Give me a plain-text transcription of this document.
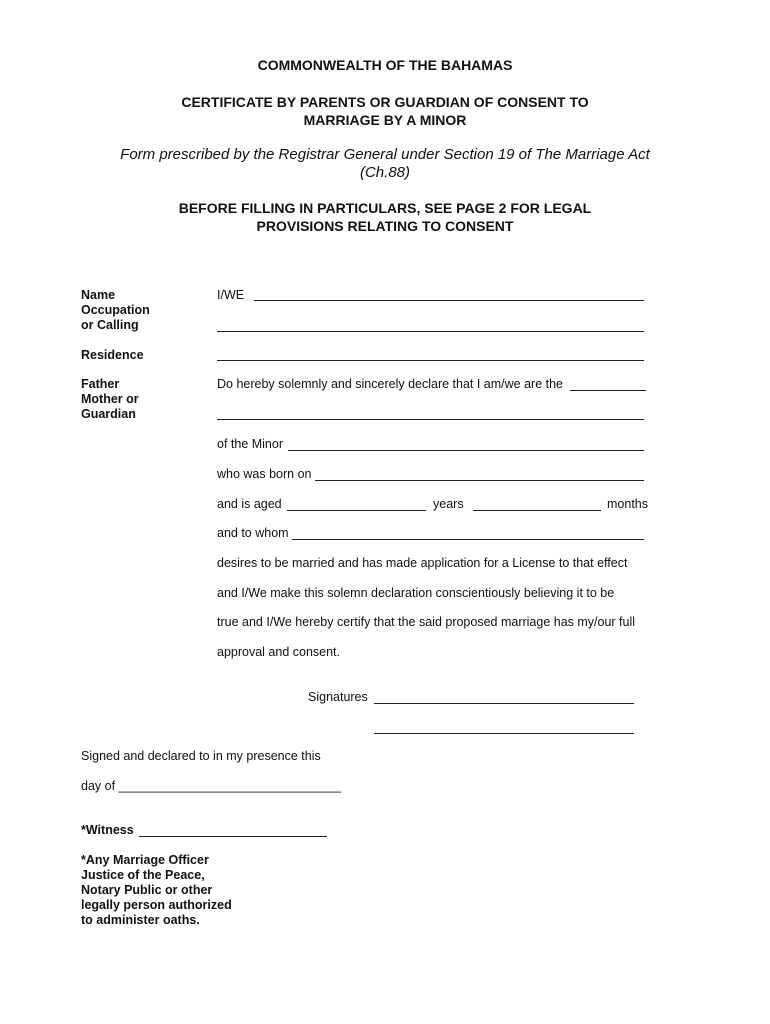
COMMONWEALTH OF THE BAHAMAS
CERTIFICATE BY PARENTS OR GUARDIAN OF CONSENT TO
MARRIAGE BY A MINOR
Form prescribed by the Registrar General under Section 19 of The Marriage Act
(Ch.88)
BEFORE FILLING IN PARTICULARS, SEE PAGE 2 FOR LEGAL
PROVISIONS RELATING TO CONSENT
Name
Occupation
or Calling
Residence
Father
Mother or
Guardian
I/WE
Do hereby solemnly and sincerely declare that I am/we are the
of the Minor
who was born on
and is aged	years	months
and to whom
desires to be married and has made application for a License to that effect
and I/We make this solemn declaration conscientiously believing it to be
true and I/We hereby certify that the said proposed marriage has my/our full
approval and consent.
Signatures
Signed and declared to in my presence this
day of ________________________________
*Witness
*Any Marriage Officer
Justice of the Peace,
Notary Public or other
legally person authorized
to administer oaths.
